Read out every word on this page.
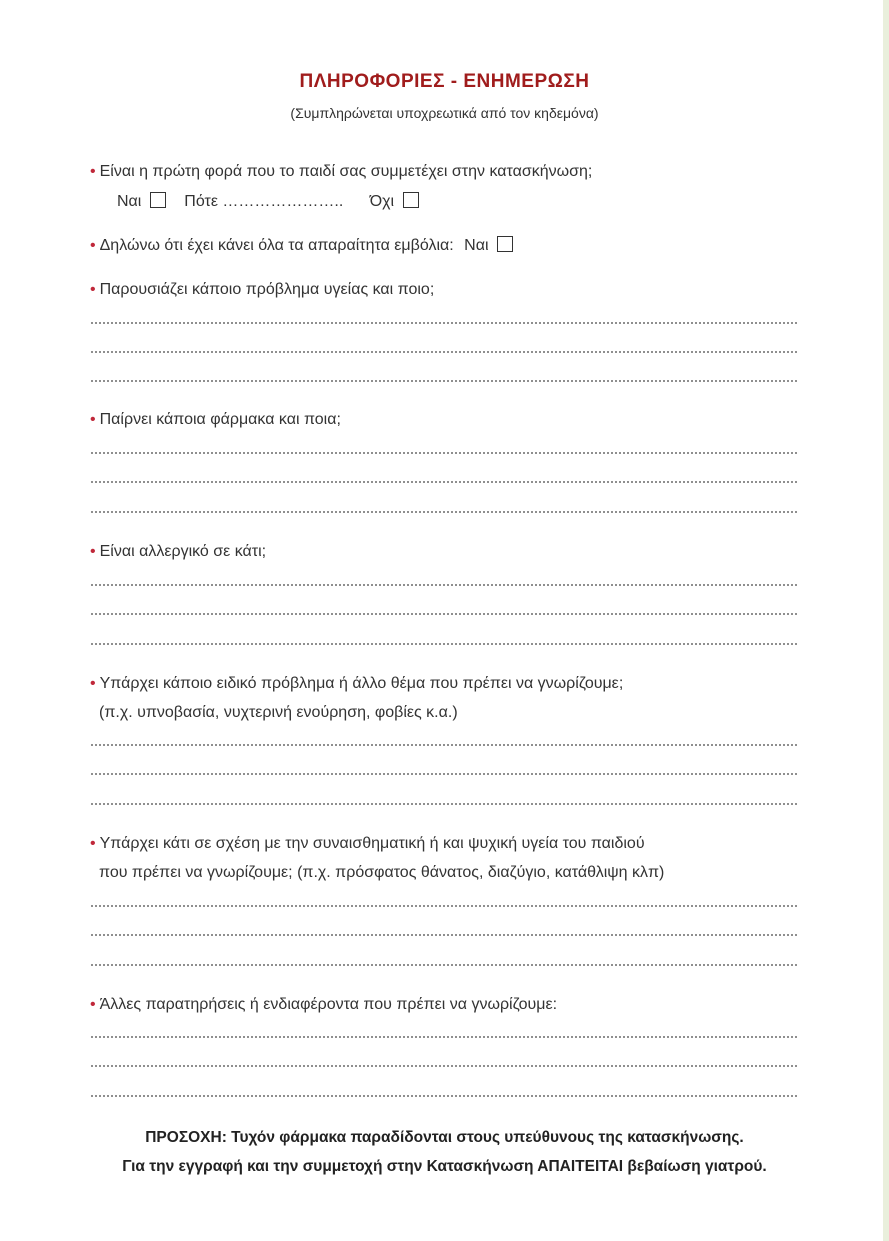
ΠΛΗΡΟΦΟΡΙΕΣ - ΕΝΗΜΕΡΩΣΗ
(Συμπληρώνεται υποχρεωτικά από τον κηδεμόνα)
• Είναι η πρώτη φορά που το παιδί σας συμμετέχει στην κατασκήνωση;
Ναι	Πότε ………………….. Όχι
• Δηλώνω ότι έχει κάνει όλα τα απαραίτητα εμβόλια: Ναι
• Παρουσιάζει κάποιο πρόβλημα υγείας και ποιο;
• Παίρνει κάποια φάρμακα και ποια;
• Είναι αλλεργικό σε κάτι;
• Υπάρχει κάποιο ειδικό πρόβλημα ή άλλο θέμα που πρέπει να γνωρίζουμε;
(π.χ. υπνοβασία, νυχτερινή ενούρηση, φοβίες κ.α.)
• Υπάρχει κάτι σε σχέση με την συναισθηματική ή και ψυχική υγεία του παιδιού
που πρέπει να γνωρίζουμε; (π.χ. πρόσφατος θάνατος, διαζύγιο, κατάθλιψη κλπ)
• Άλλες παρατηρήσεις ή ενδιαφέροντα που πρέπει να γνωρίζουμε:
ΠΡΟΣΟΧΗ: Τυχόν φάρμακα παραδίδονται στους υπεύθυνους της κατασκήνωσης.
Για την εγγραφή και την συμμετοχή στην Κατασκήνωση ΑΠΑΙΤΕΙΤΑΙ βεβαίωση γιατρού.
